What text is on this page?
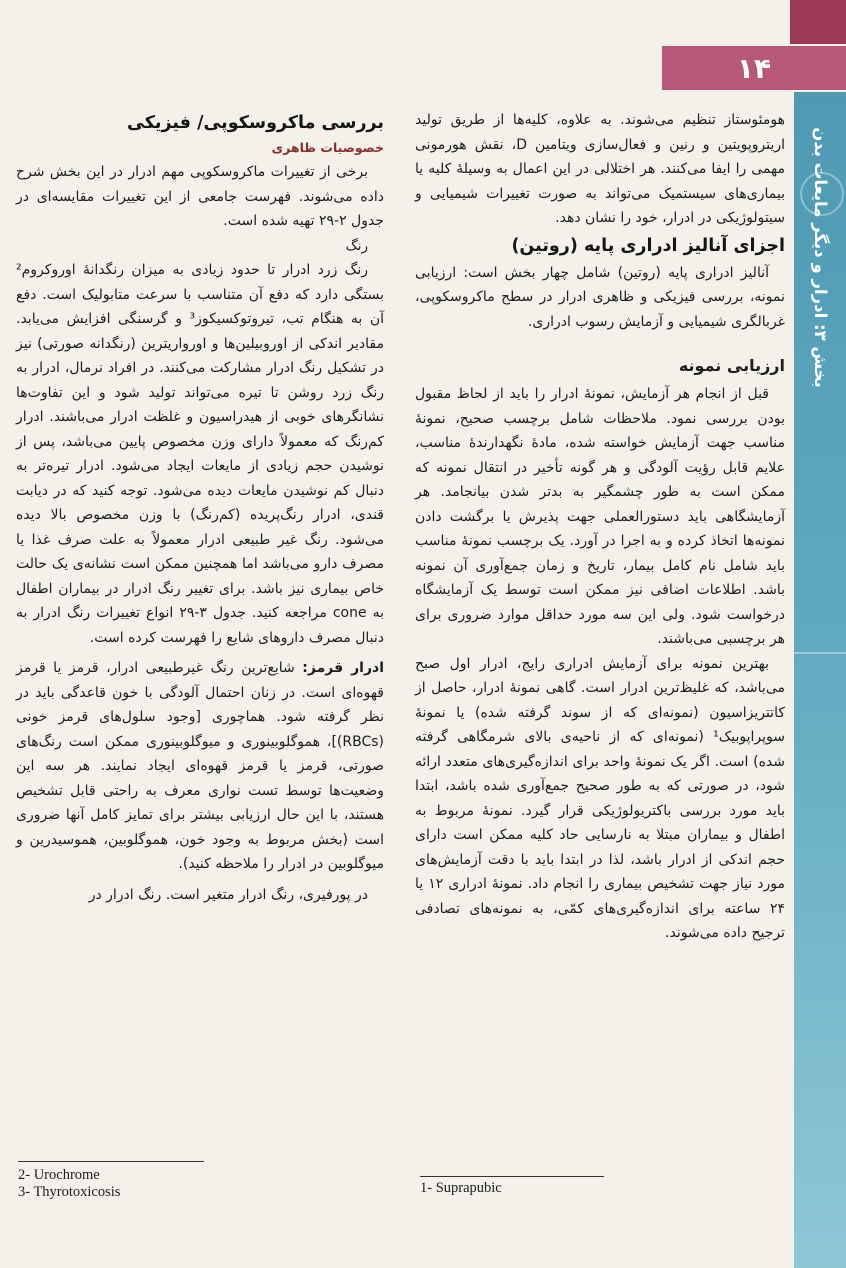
۱۴
بخش ۳: ادرار و دیگر مایعات بدن

هومئوستاز تنظیم می‌شوند. به علاوه، کلیه‌ها از طریق تولید اریتروپویتین و رنین و فعال‌سازی ویتامین D، نقش هورمونی مهمی را ایفا می‌کنند. هر اختلالی در این اعمال به وسیلهٔ کلیه یا بیماری‌های سیستمیک می‌تواند به صورت تغییرات شیمیایی و سیتولوژیکی در ادرار، خود را نشان دهد.

اجزای آنالیز ادراری پایه (روتین)

آنالیز ادراری پایه (روتین) شامل چهار بخش است: ارزیابی نمونه، بررسی فیزیکی و ظاهری ادرار در سطح ماکروسکوپی، غربالگری شیمیایی و آزمایش رسوب ادراری.

ارزیابی نمونه

قبل از انجام هر آزمایش، نمونهٔ ادرار را باید از لحاظ مقبول بودن بررسی نمود. ملاحظات شامل برچسب صحیح، نمونهٔ مناسب جهت آزمایش خواسته شده، مادهٔ نگهدارندهٔ مناسب، علایم قابل رؤیت آلودگی و هر گونه تأخیر در انتقال نمونه که ممکن است به طور چشمگیر به بدتر شدن بیانجامد. هر آزمایشگاهی باید دستورالعملی جهت پذیرش یا برگشت دادن نمونه‌ها اتخاذ کرده و به اجرا در آورد. یک برچسب نمونهٔ مناسب باید شامل نام کامل بیمار، تاریخ و زمان جمع‌آوری آن نمونه باشد. اطلاعات اضافی نیز ممکن است توسط یک آزمایشگاه درخواست شود. ولی این سه مورد حداقل موارد ضروری برای هر برچسبی می‌باشند.

بهترین نمونه برای آزمایش ادراری رایج، ادرار اول صبح می‌باشد، که غلیظ‌ترین ادرار است. گاهی نمونهٔ ادرار، حاصل از کاتتریزاسیون (نمونه‌ای که از سوند گرفته شده) یا نمونهٔ سوپراپوبیک¹ (نمونه‌ای که از ناحیه‌ی بالای شرمگاهی گرفته شده) است. اگر یک نمونهٔ واحد برای اندازه‌گیری‌های متعدد ارائه شود، در صورتی که به طور صحیح جمع‌آوری شده باشد، ابتدا باید مورد بررسی باکتریولوژیکی قرار گیرد. نمونهٔ مربوط به اطفال و بیماران مبتلا به نارسایی حاد کلیه ممکن است دارای حجم اندکی از ادرار باشد، لذا در ابتدا باید با دقت آزمایش‌های مورد نیاز جهت تشخیص بیماری را انجام داد. نمونهٔ ادراری ۱۲ یا ۲۴ ساعته برای اندازه‌گیری‌های کمّی، به نمونه‌های تصادفی ترجیح داده می‌شوند.

بررسی ماکروسکوپی/ فیزیکی
خصوصیات ظاهری

برخی از تغییرات ماکروسکوپی مهم ادرار در این بخش شرح داده می‌شوند. فهرست جامعی از این تغییرات مقایسه‌ای در جدول ۲-۲۹ تهیه شده است.

رنگ

رنگ زرد ادرار تا حدود زیادی به میزان رنگدانهٔ اوروکروم² بستگی دارد که دفع آن متناسب با سرعت متابولیک است. دفع آن به هنگام تب، تیروتوکسیکوز³ و گرسنگی افزایش می‌یابد. مقادیر اندکی از اوروبیلین‌ها و اورواریترین (رنگدانه صورتی) نیز در تشکیل رنگ ادرار مشارکت می‌کنند. در افراد نرمال، ادرار به رنگ زرد روشن تا تیره می‌تواند تولید شود و این تفاوت‌ها نشانگرهای خوبی از هیدراسیون و غلظت ادرار می‌باشند. ادرار کم‌رنگ که معمولاً دارای وزن مخصوص پایین می‌باشد، پس از نوشیدن حجم زیادی از مایعات ایجاد می‌شود. ادرار تیره‌تر به دنبال کم نوشیدن مایعات دیده می‌شود. توجه کنید که در دیابت قندی، ادرار رنگ‌پریده (کم‌رنگ) با وزن مخصوص بالا دیده می‌شود. رنگ غیر طبیعی ادرار معمولاً به علت صرف غذا یا مصرف دارو می‌باشد اما همچنین ممکن است نشانه‌ی یک حالت خاص بیماری نیز باشد. برای تغییر رنگ ادرار در بیماران اطفال به cone مراجعه کنید. جدول ۳-۲۹ انواع تغییرات رنگ ادرار به دنبال مصرف داروهای شایع را فهرست کرده است.

ادرار قرمز: شایع‌ترین رنگ غیرطبیعی ادرار، قرمز یا قرمز قهوه‌ای است. در زنان احتمال آلودگی با خون قاعدگی باید در نظر گرفته شود. هماچوری [وجود سلول‌های قرمز خونی (RBCs)]، هموگلوبینوری و میوگلوبینوری ممکن است رنگ‌های صورتی، قرمز یا قرمز قهوه‌ای ایجاد نمایند. هر سه این وضعیت‌ها توسط تست نواری معرف به راحتی قابل تشخیص هستند، با این حال ارزیابی بیشتر برای تمایز کامل آنها ضروری است (بخش مربوط به وجود خون، هموگلوبین، هموسیدرین و میوگلوبین در ادرار را ملاحظه کنید).

در پورفیری، رنگ ادرار متغیر است. رنگ ادرار در

2- Urochrome
3- Thyrotoxicosis	1- Suprapubic
